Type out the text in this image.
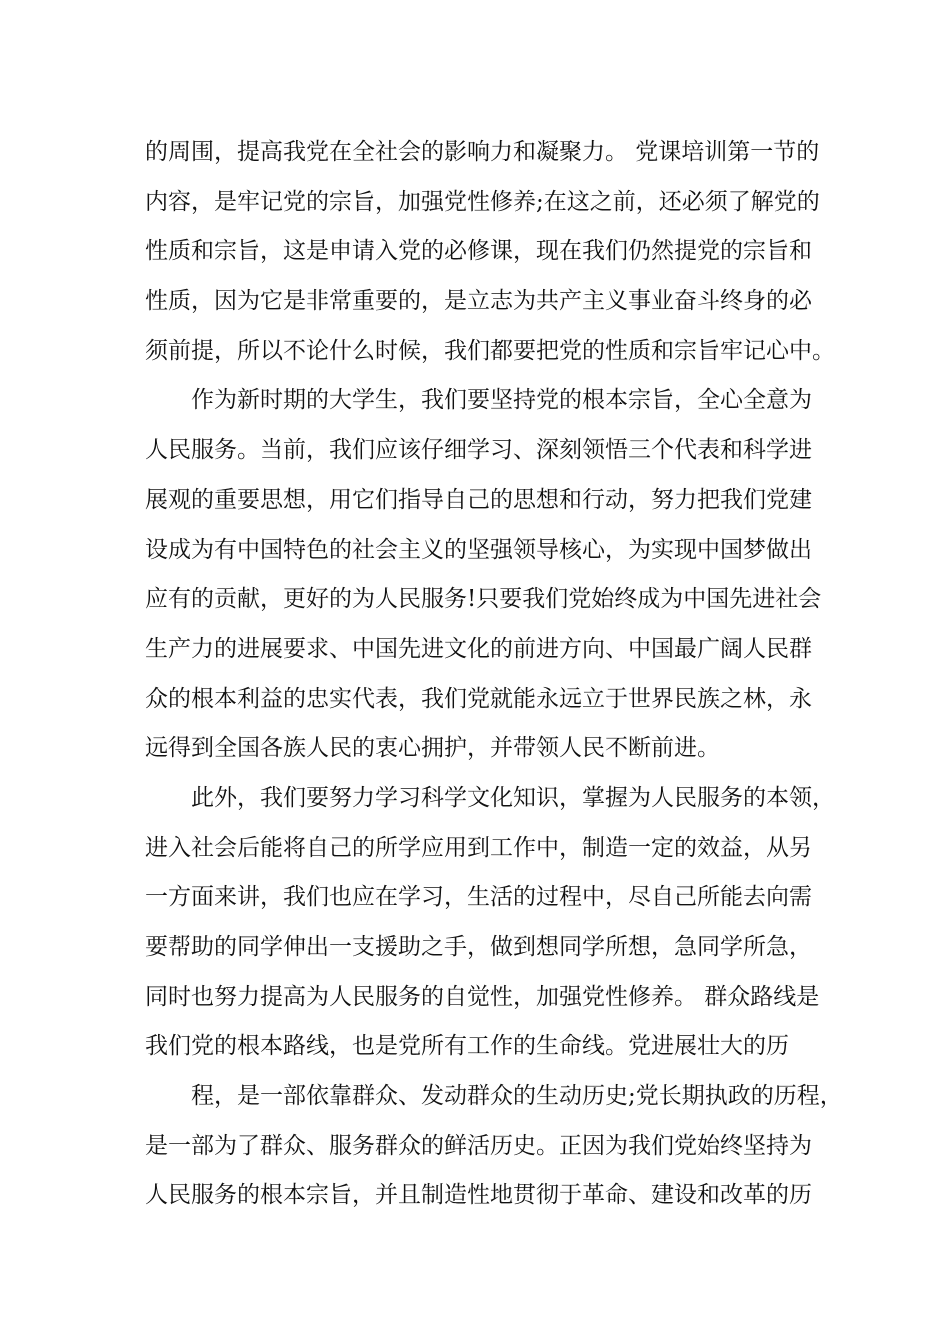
的周围，提高我党在全社会的影响力和凝聚力。 党课培训第一节的
内容，是牢记党的宗旨，加强党性修养;在这之前，还必须了解党的
性质和宗旨，这是申请入党的必修课，现在我们仍然提党的宗旨和
性质，因为它是非常重要的，是立志为共产主义事业奋斗终身的必
须前提，所以不论什么时候，我们都要把党的性质和宗旨牢记心中。
作为新时期的大学生，我们要坚持党的根本宗旨，全心全意为
人民服务。当前，我们应该仔细学习、深刻领悟三个代表和科学进
展观的重要思想，用它们指导自己的思想和行动，努力把我们党建
设成为有中国特色的社会主义的坚强领导核心，为实现中国梦做出
应有的贡献，更好的为人民服务!只要我们党始终成为中国先进社会
生产力的进展要求、中国先进文化的前进方向、中国最广阔人民群
众的根本利益的忠实代表，我们党就能永远立于世界民族之林，永
远得到全国各族人民的衷心拥护，并带领人民不断前进。
此外，我们要努力学习科学文化知识，掌握为人民服务的本领，
进入社会后能将自己的所学应用到工作中，制造一定的效益，从另
一方面来讲，我们也应在学习，生活的过程中，尽自己所能去向需
要帮助的同学伸出一支援助之手，做到想同学所想，急同学所急，
同时也努力提高为人民服务的自觉性，加强党性修养。 群众路线是
我们党的根本路线，也是党所有工作的生命线。党进展壮大的历
程，是一部依靠群众、发动群众的生动历史;党长期执政的历程，
是一部为了群众、服务群众的鲜活历史。正因为我们党始终坚持为
人民服务的根本宗旨，并且制造性地贯彻于革命、建设和改革的历
